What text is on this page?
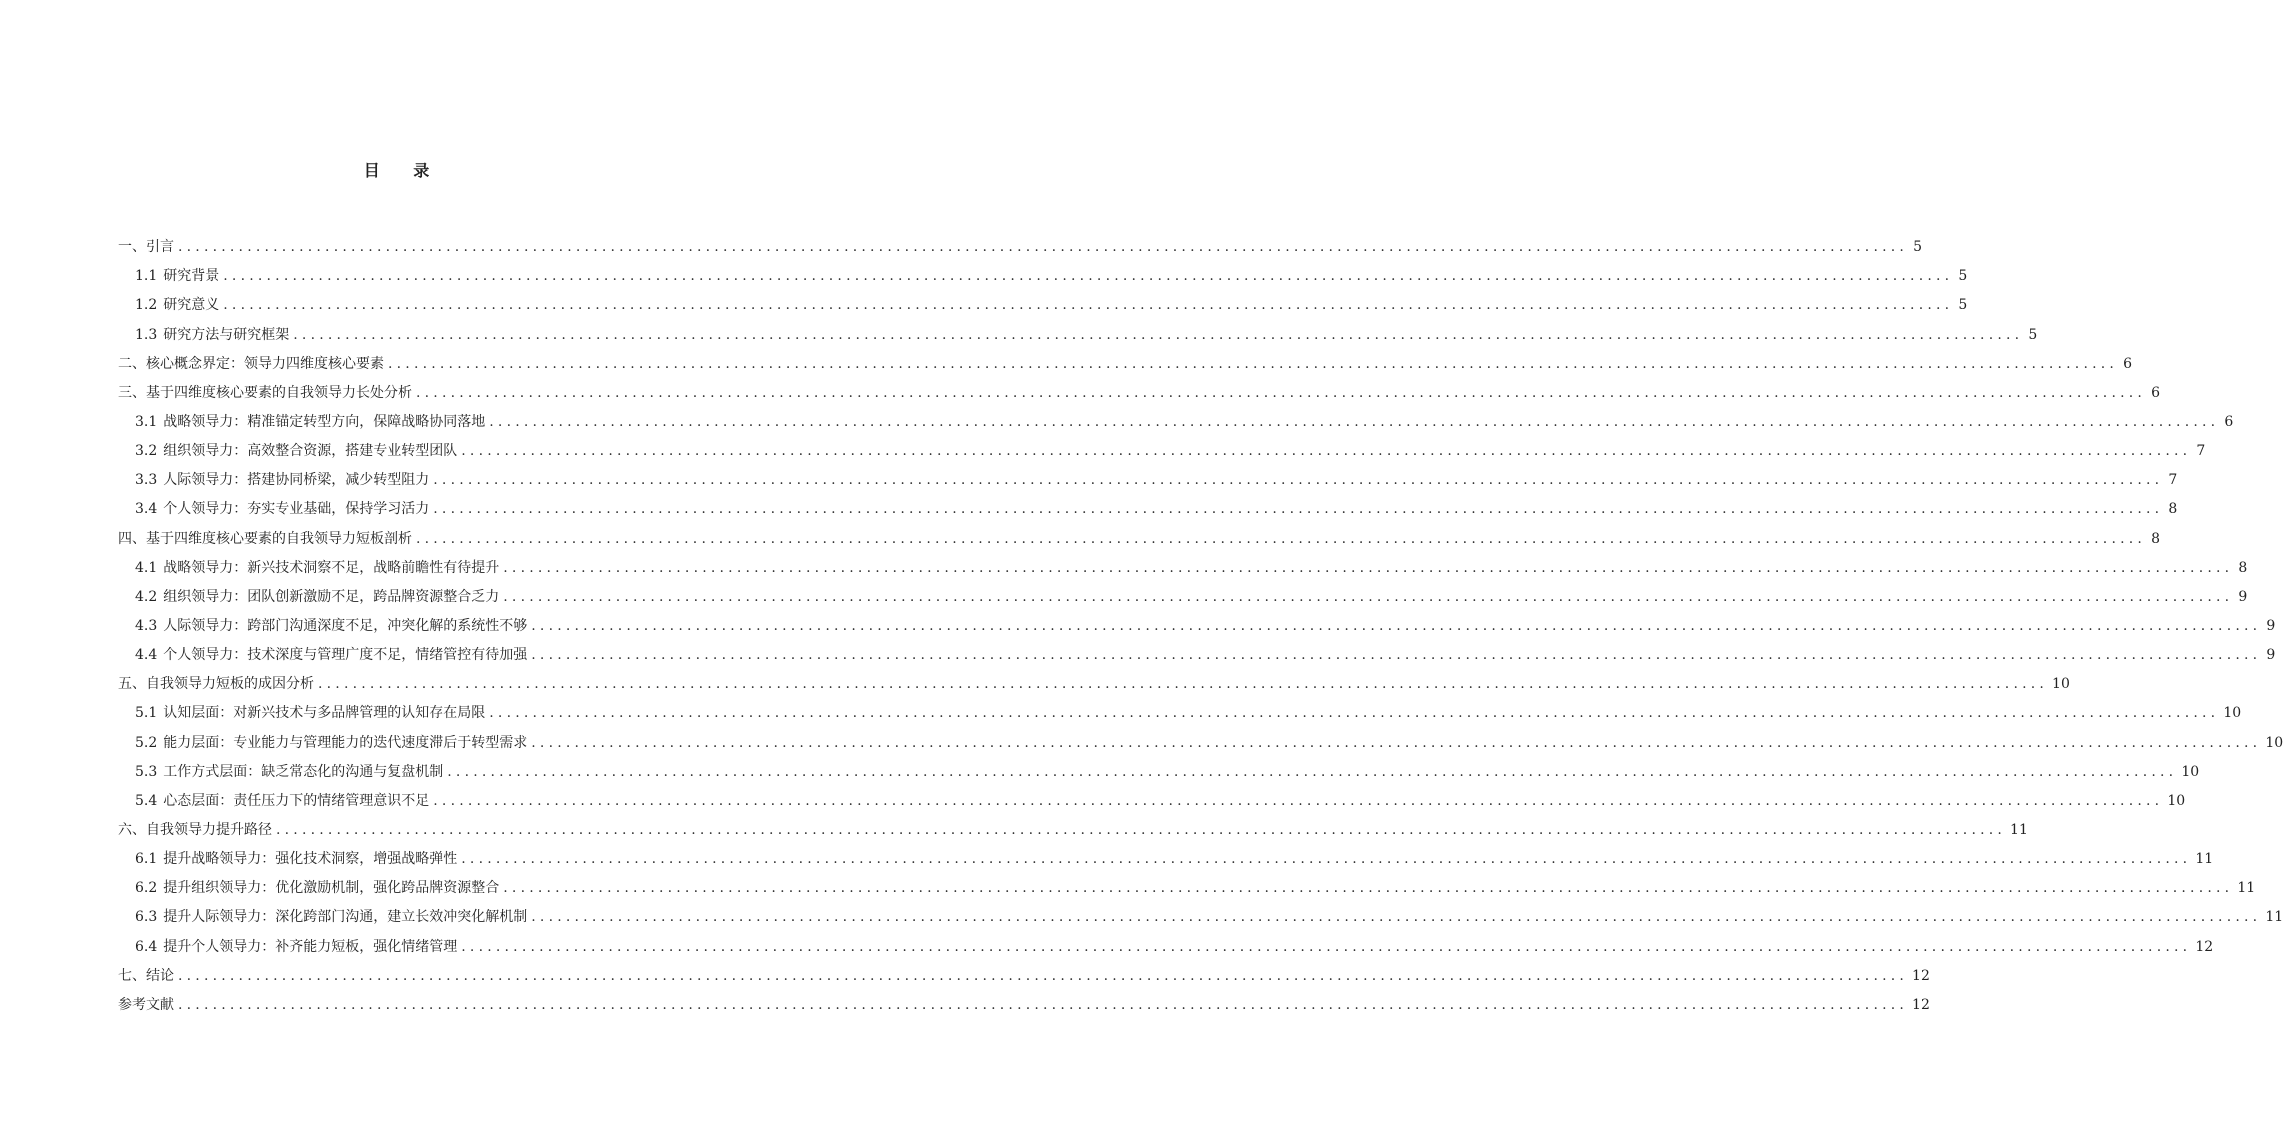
目 录
一、引言 ........................................................................................................................................................................................................ 5
1.1 研究背景 ........................................................................................................................................................................................................ 5
1.2 研究意义 ........................................................................................................................................................................................................ 5
1.3 研究方法与研究框架 ........................................................................................................................................................................................................ 5
二、核心概念界定：领导力四维度核心要素 ........................................................................................................................................................................................................ 6
三、基于四维度核心要素的自我领导力长处分析 ........................................................................................................................................................................................................ 6
3.1 战略领导力：精准锚定转型方向，保障战略协同落地 ........................................................................................................................................................................................................ 6
3.2 组织领导力：高效整合资源，搭建专业转型团队 ........................................................................................................................................................................................................ 7
3.3 人际领导力：搭建协同桥梁，减少转型阻力 ........................................................................................................................................................................................................ 7
3.4 个人领导力：夯实专业基础，保持学习活力 ........................................................................................................................................................................................................ 8
四、基于四维度核心要素的自我领导力短板剖析 ........................................................................................................................................................................................................ 8
4.1 战略领导力：新兴技术洞察不足，战略前瞻性有待提升 ........................................................................................................................................................................................................ 8
4.2 组织领导力：团队创新激励不足，跨品牌资源整合乏力 ........................................................................................................................................................................................................ 9
4.3 人际领导力：跨部门沟通深度不足，冲突化解的系统性不够 ........................................................................................................................................................................................................ 9
4.4 个人领导力：技术深度与管理广度不足，情绪管控有待加强 ........................................................................................................................................................................................................ 9
五、自我领导力短板的成因分析 ........................................................................................................................................................................................................ 10
5.1 认知层面：对新兴技术与多品牌管理的认知存在局限 ........................................................................................................................................................................................................ 10
5.2 能力层面：专业能力与管理能力的迭代速度滞后于转型需求 ........................................................................................................................................................................................................ 10
5.3 工作方式层面：缺乏常态化的沟通与复盘机制 ........................................................................................................................................................................................................ 10
5.4 心态层面：责任压力下的情绪管理意识不足 ........................................................................................................................................................................................................ 10
六、自我领导力提升路径 ........................................................................................................................................................................................................ 11
6.1 提升战略领导力：强化技术洞察，增强战略弹性 ........................................................................................................................................................................................................ 11
6.2 提升组织领导力：优化激励机制，强化跨品牌资源整合 ........................................................................................................................................................................................................ 11
6.3 提升人际领导力：深化跨部门沟通，建立长效冲突化解机制 ........................................................................................................................................................................................................ 11
6.4 提升个人领导力：补齐能力短板，强化情绪管理 ........................................................................................................................................................................................................ 12
七、结论 ........................................................................................................................................................................................................ 12
参考文献 ........................................................................................................................................................................................................ 12
